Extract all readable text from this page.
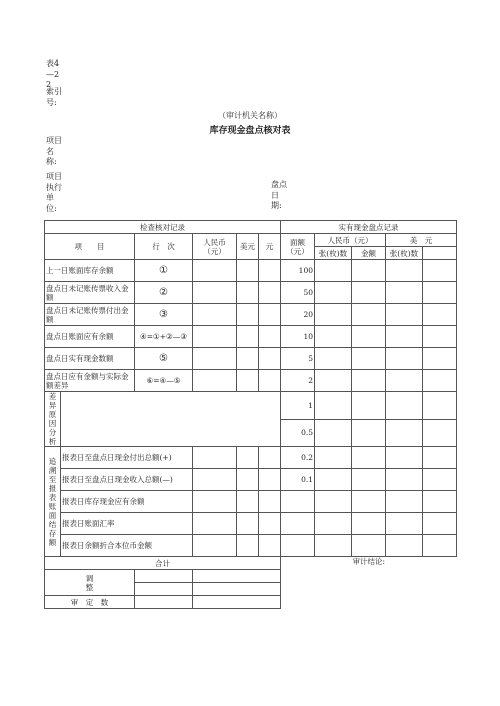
表4—22
索引号:
（审计机关名称）
库存现金盘点核对表
项目名称:
项目执行单位:
盘点日期:
检查核对记录						实有现金盘点记录				
项　　目		行　次	人民币（元）	美元	元	面额（元）	人民币（元）		美　元	
							张(枚)数	金额	张(枚)数	
上一日账面库存余额		①				100				
盘点日未记账传票收入金额		②				50				
盘点日未记账传票付出金额		③				20				
盘点日账面应有余额		④=①+②—③				10				
盘点日实有现金数额		⑤				5				
盘点日应有金额与实际金额差异		⑥=④—⑤				2				
差异原因分析						1				
						0.5				
追溯至报表账面结存额	报表日至盘点日现金付出总额(+)					0.2				
	报表日至盘点日现金收入总额(—)					0.1				
	报表日库存现金应有余额									
	报表日账面汇率									
	报表日余额折合本位币金额									
合计						审计结论:				
调整										

审　定　数										
